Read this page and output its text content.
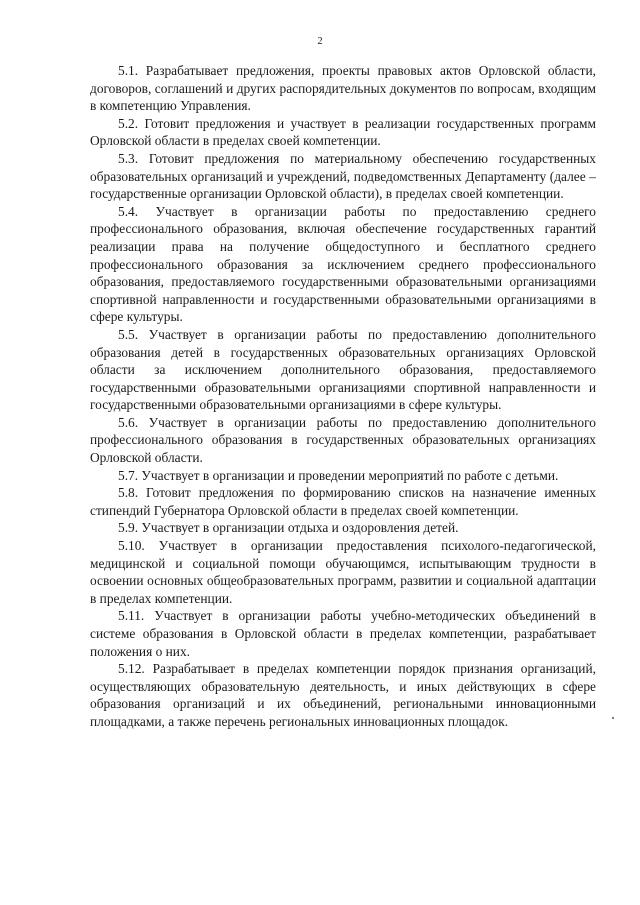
2

5.1. Разрабатывает предложения, проекты правовых актов Орловской области, договоров, соглашений и других распорядительных документов по вопросам, входящим в компетенцию Управления.

5.2. Готовит предложения и участвует в реализации государственных программ Орловской области в пределах своей компетенции.

5.3. Готовит предложения по материальному обеспечению государственных образовательных организаций и учреждений, подведомственных Департаменту (далее – государственные организации Орловской области), в пределах своей компетенции.

5.4. Участвует в организации работы по предоставлению среднего профессионального образования, включая обеспечение государственных гарантий реализации права на получение общедоступного и бесплатного среднего профессионального образования за исключением среднего профессионального образования, предоставляемого государственными образовательными организациями спортивной направленности и государственными образовательными организациями в сфере культуры.

5.5. Участвует в организации работы по предоставлению дополнительного образования детей в государственных образовательных организациях Орловской области за исключением дополнительного образования, предоставляемого государственными образовательными организациями спортивной направленности и государственными образовательными организациями в сфере культуры.

5.6. Участвует в организации работы по предоставлению дополнительного профессионального образования в государственных образовательных организациях Орловской области.

5.7. Участвует в организации и проведении мероприятий по работе с детьми.

5.8. Готовит предложения по формированию списков на назначение именных стипендий Губернатора Орловской области в пределах своей компетенции.

5.9. Участвует в организации отдыха и оздоровления детей.

5.10. Участвует в организации предоставления психолого-педагогической, медицинской и социальной помощи обучающимся, испытывающим трудности в освоении основных общеобразовательных программ, развитии и социальной адаптации в пределах компетенции.

5.11. Участвует в организации работы учебно-методических объединений в системе образования в Орловской области в пределах компетенции, разрабатывает положения о них.

5.12. Разрабатывает в пределах компетенции порядок признания организаций, осуществляющих образовательную деятельность, и иных действующих в сфере образования организаций и их объединений, региональными инновационными площадками, а также перечень региональных инновационных площадок.
